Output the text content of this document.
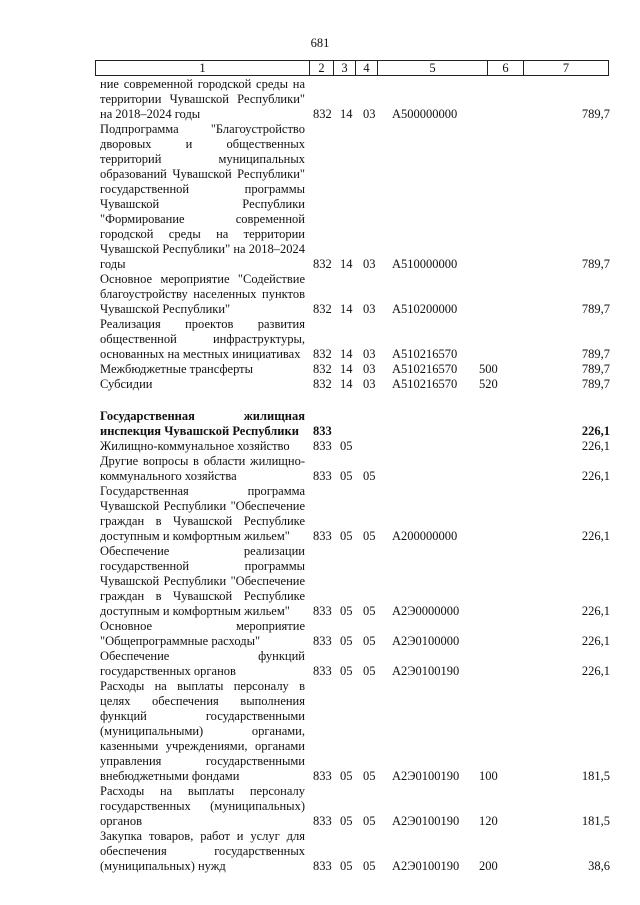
681
1	2	3	4	5	6	7
ние современной городской среды на территории Чувашской Республики" на 2018–2024 годы	832 14 03 А500000000	789,7
Подпрограмма "Благоустройство дворовых и общественных территорий муниципальных образований Чувашской Республики" государственной программы Чувашской Республики "Формирование современной городской среды на территории Чувашской Республики" на 2018–2024 годы	832 14 03 А510000000	789,7
Основное мероприятие "Содействие благоустройству населенных пунктов Чувашской Республики"	832 14 03 А510200000	789,7
Реализация проектов развития общественной инфраструктуры, основанных на местных инициативах	832 14 03 А510216570	789,7
Межбюджетные трансферты	832 14 03 А510216570 500	789,7
Субсидии	832 14 03 А510216570 520	789,7
Государственная жилищная инспекция Чувашской Республики	833	226,1
Жилищно-коммунальное хозяйство	833 05	226,1
Другие вопросы в области жилищно-коммунального хозяйства	833 05 05	226,1
Государственная программа Чувашской Республики "Обеспечение граждан в Чувашской Республике доступным и комфортным жильем"	833 05 05 А200000000	226,1
Обеспечение реализации государственной программы Чувашской Республики "Обеспечение граждан в Чувашской Республике доступным и комфортным жильем"	833 05 05 А2Э0000000	226,1
Основное мероприятие "Общепрограммные расходы"	833 05 05 А2Э0100000	226,1
Обеспечение функций государственных органов	833 05 05 А2Э0100190	226,1
Расходы на выплаты персоналу в целях обеспечения выполнения функций государственными (муниципальными) органами, казенными учреждениями, органами управления государственными внебюджетными фондами	833 05 05 А2Э0100190 100	181,5
Расходы на выплаты персоналу государственных (муниципальных) органов	833 05 05 А2Э0100190 120	181,5
Закупка товаров, работ и услуг для обеспечения государственных (муниципальных) нужд	833 05 05 А2Э0100190 200	38,6
